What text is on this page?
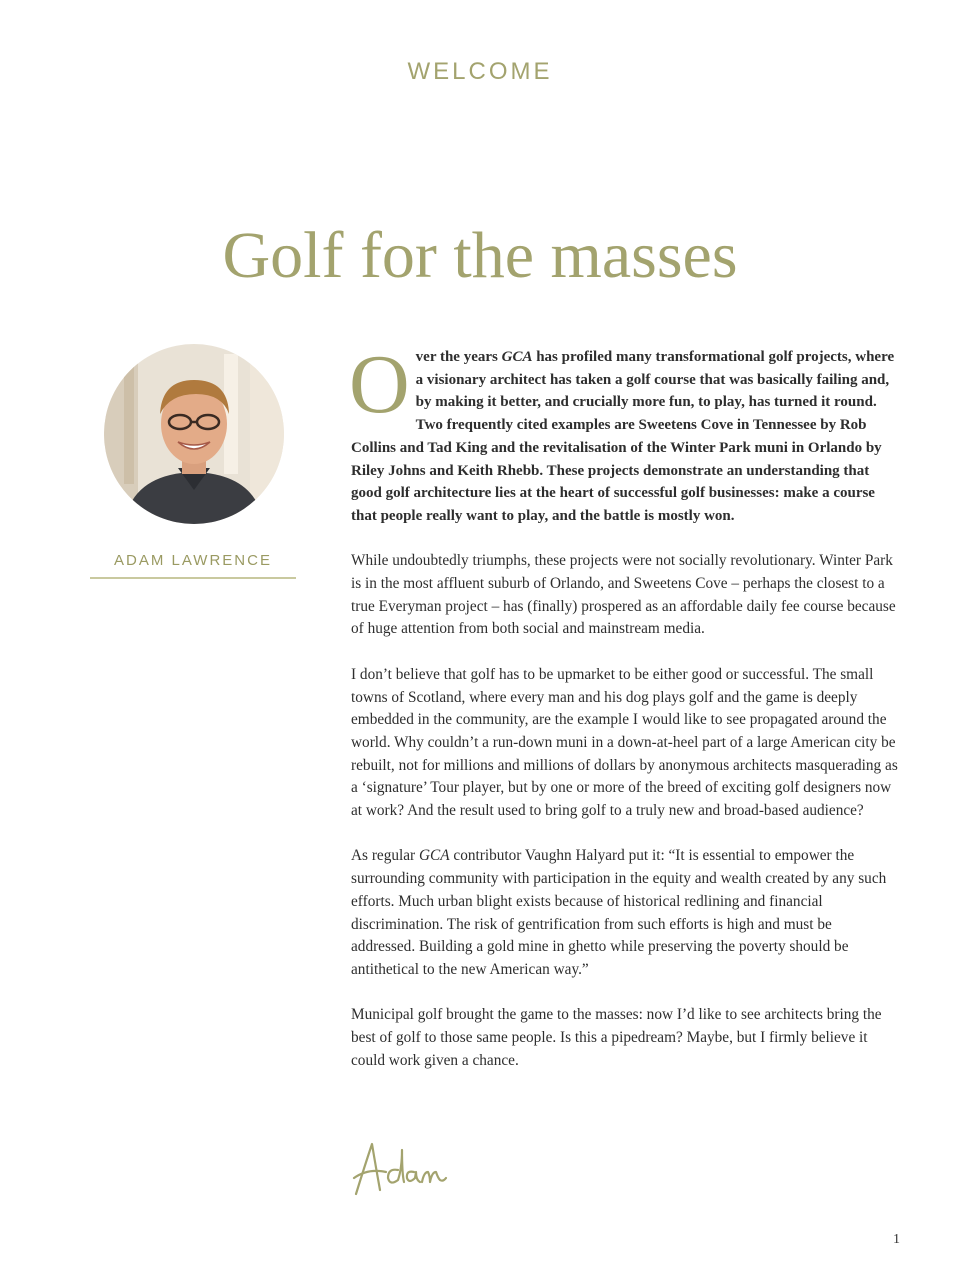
WELCOME
Golf for the masses
ADAM LAWRENCE

Over the years GCA has profiled many transformational golf projects, where a visionary architect has taken a golf course that was basically failing and, by making it better, and crucially more fun, to play, has turned it round. Two frequently cited examples are Sweetens Cove in Tennessee by Rob Collins and Tad King and the revitalisation of the Winter Park muni in Orlando by Riley Johns and Keith Rhebb. These projects demonstrate an understanding that good golf architecture lies at the heart of successful golf businesses: make a course that people really want to play, and the battle is mostly won.

While undoubtedly triumphs, these projects were not socially revolutionary. Winter Park is in the most affluent suburb of Orlando, and Sweetens Cove – perhaps the closest to a true Everyman project – has (finally) prospered as an affordable daily fee course because of huge attention from both social and mainstream media.

I don’t believe that golf has to be upmarket to be either good or successful. The small towns of Scotland, where every man and his dog plays golf and the game is deeply embedded in the community, are the example I would like to see propagated around the world. Why couldn’t a run-down muni in a down-at-heel part of a large American city be rebuilt, not for millions and millions of dollars by anonymous architects masquerading as a ‘signature’ Tour player, but by one or more of the breed of exciting golf designers now at work? And the result used to bring golf to a truly new and broad-based audience?

As regular GCA contributor Vaughn Halyard put it: “It is essential to empower the surrounding community with participation in the equity and wealth created by any such efforts. Much urban blight exists because of historical redlining and financial discrimination. The risk of gentrification from such efforts is high and must be addressed. Building a gold mine in ghetto while preserving the poverty should be antithetical to the new American way.”

Municipal golf brought the game to the masses: now I’d like to see architects bring the best of golf to those same people. Is this a pipedream? Maybe, but I firmly believe it could work given a chance.

1
